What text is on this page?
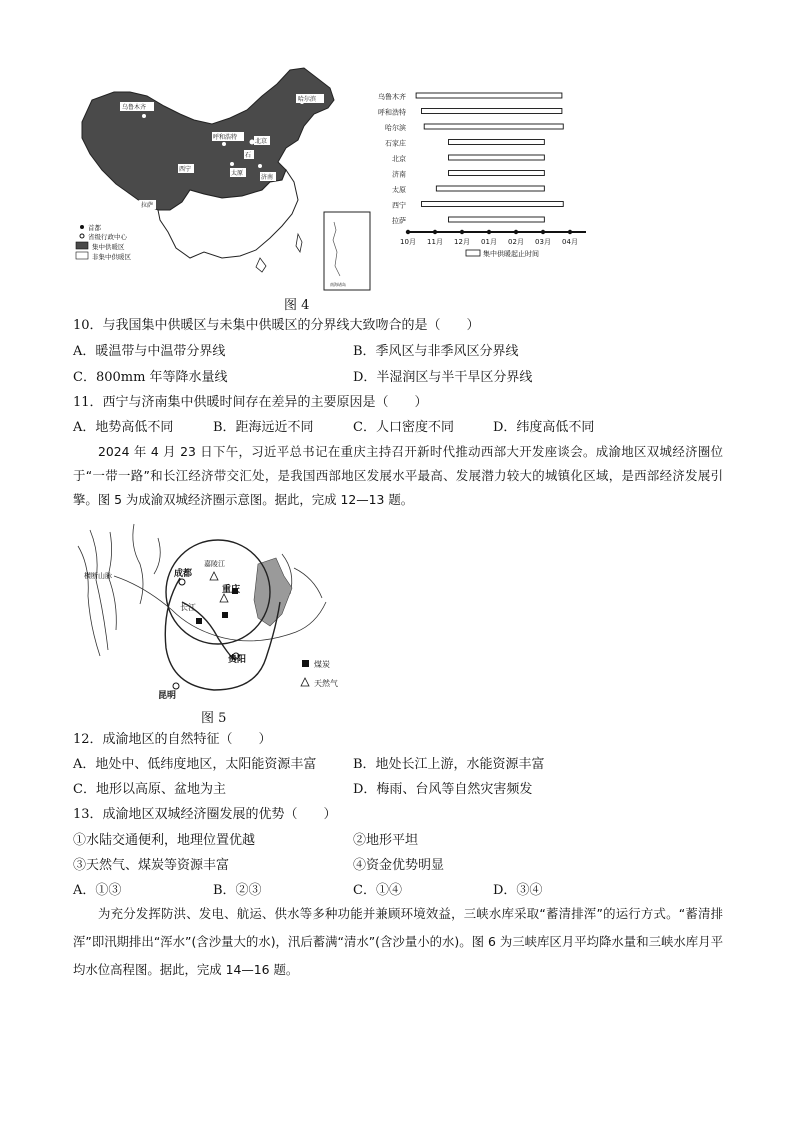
乌鲁木齐
哈尔滨
呼和浩特
北京
石
西宁
太原
济南
拉萨
首都
省级行政中心
集中供暖区
非集中供暖区
南海诸岛
乌鲁木齐
呼和浩特
哈尔滨
石家庄
北京
济南
太原
西宁
拉萨
10月 11月 12月 01月 02月 03月 04月
集中供暖起止时间
图 4
10．与我国集中供暖区与未集中供暖区的分界线大致吻合的是（　　）
A．暖温带与中温带分界线	B．季风区与非季风区分界线
C．800mm 年等降水量线	D．半湿润区与半干旱区分界线
11．西宁与济南集中供暖时间存在差异的主要原因是（　　）
A．地势高低不同	B．距海远近不同	C．人口密度不同	D．纬度高低不同
2024 年 4 月 23 日下午，习近平总书记在重庆主持召开新时代推动西部大开发座谈会。成渝地区双城经济圈位于“一带一路”和长江经济带交汇处，是我国西部地区发展水平最高、发展潜力较大的城镇化区域，是西部经济发展引擎。图 5 为成渝双城经济圈示意图。据此，完成 12—13 题。
成都
重庆
贵阳
昆明
长江
嘉陵江
横断山脉
煤炭
天然气
图 5
12．成渝地区的自然特征（　　）
A．地处中、低纬度地区，太阳能资源丰富	B．地处长江上游，水能资源丰富
C．地形以高原、盆地为主	D．梅雨、台风等自然灾害频发
13．成渝地区双城经济圈发展的优势（　　）
①水陆交通便利，地理位置优越	②地形平坦
③天然气、煤炭等资源丰富	④资金优势明显
A．①③	B．②③	C．①④	D．③④
为充分发挥防洪、发电、航运、供水等多种功能并兼顾环境效益，三峡水库采取“蓄清排浑”的运行方式。“蓄清排浑”即汛期排出“浑水”(含沙量大的水)，汛后蓄满“清水”(含沙量小的水)。图 6 为三峡库区月平均降水量和三峡水库月平均水位高程图。据此，完成 14—16 题。
